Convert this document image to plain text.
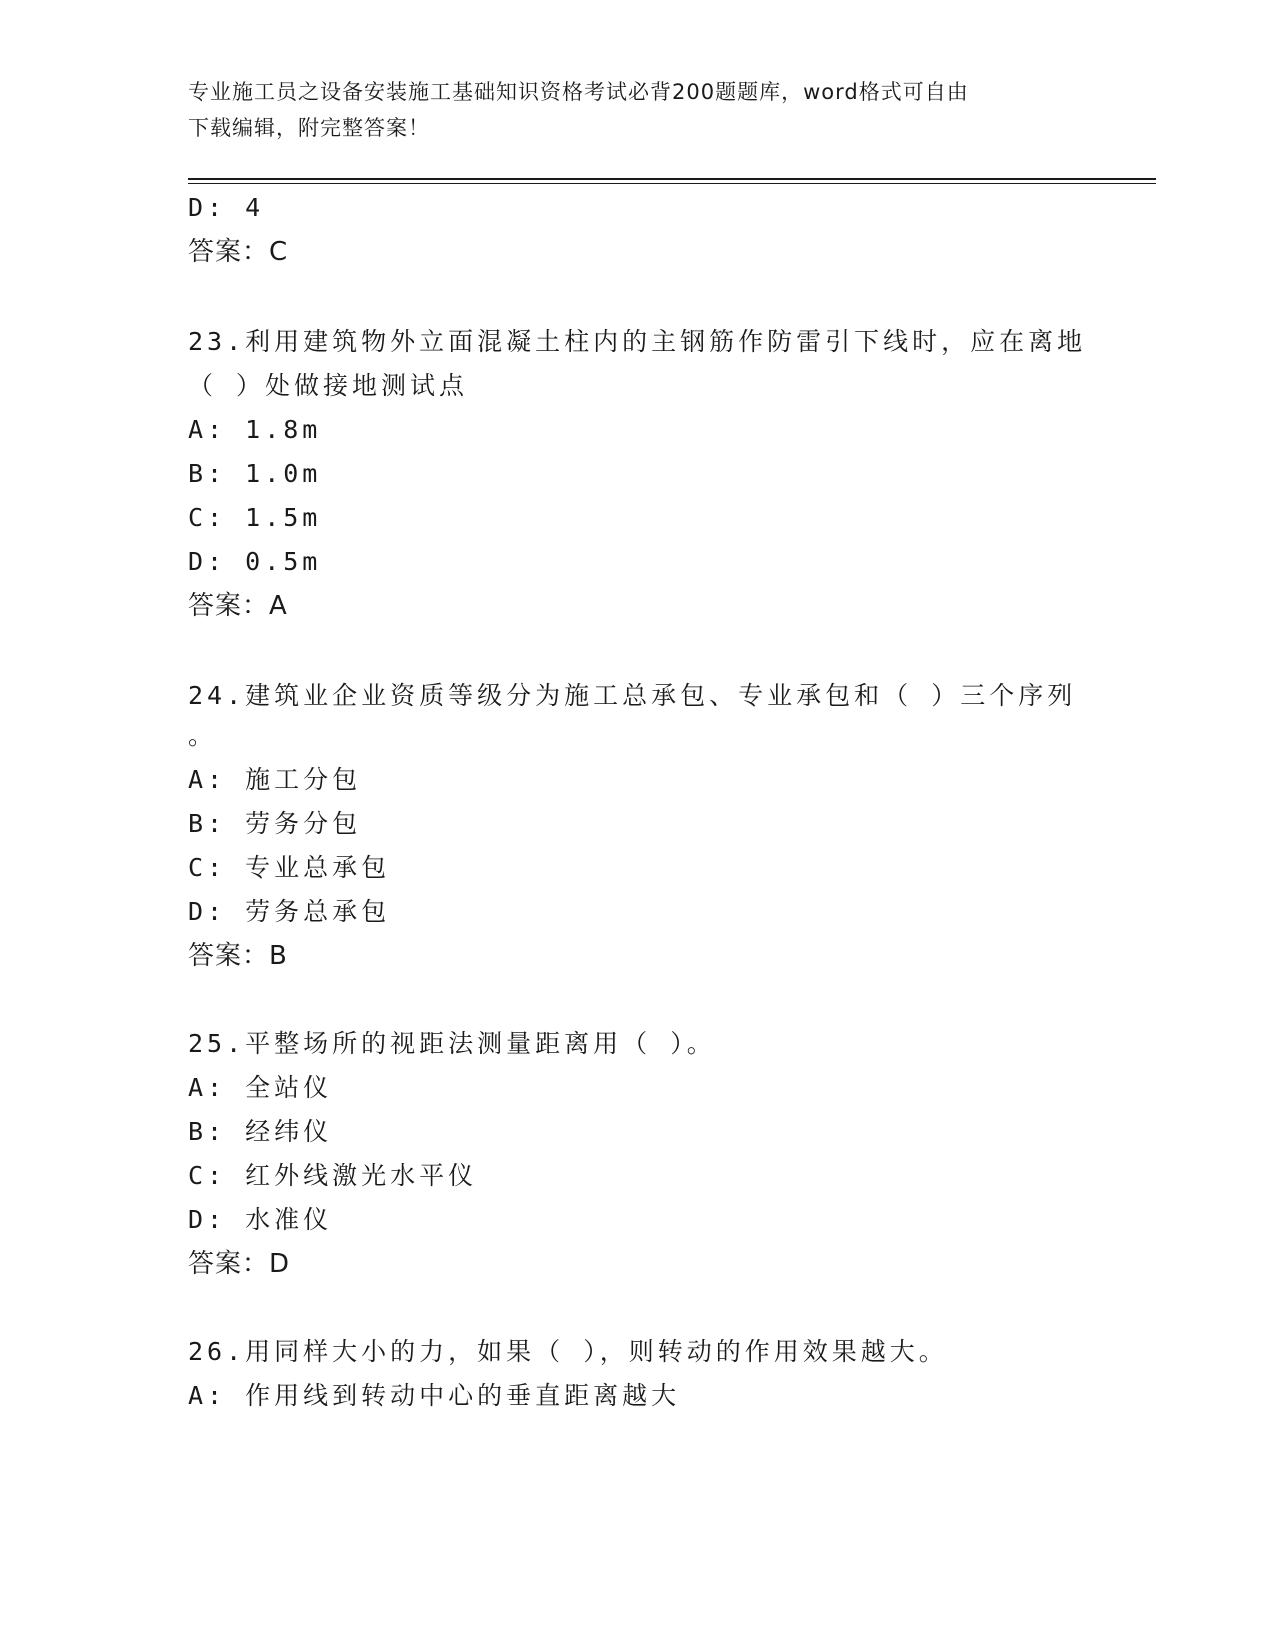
专业施工员之设备安装施工基础知识资格考试必背200题题库，word格式可自由
下载编辑，附完整答案！
D: 4
答案：C
23.利用建筑物外立面混凝土柱内的主钢筋作防雷引下线时，应在离地
（ ）处做接地测试点
A: 1.8m
B: 1.0m
C: 1.5m
D: 0.5m
答案：A
24.建筑业企业资质等级分为施工总承包、专业承包和（ ）三个序列
。
A: 施工分包
B: 劳务分包
C: 专业总承包
D: 劳务总承包
答案：B
25.平整场所的视距法测量距离用（ ）。
A: 全站仪
B: 经纬仪
C: 红外线激光水平仪
D: 水准仪
答案：D
26.用同样大小的力，如果（ ），则转动的作用效果越大。
A: 作用线到转动中心的垂直距离越大
